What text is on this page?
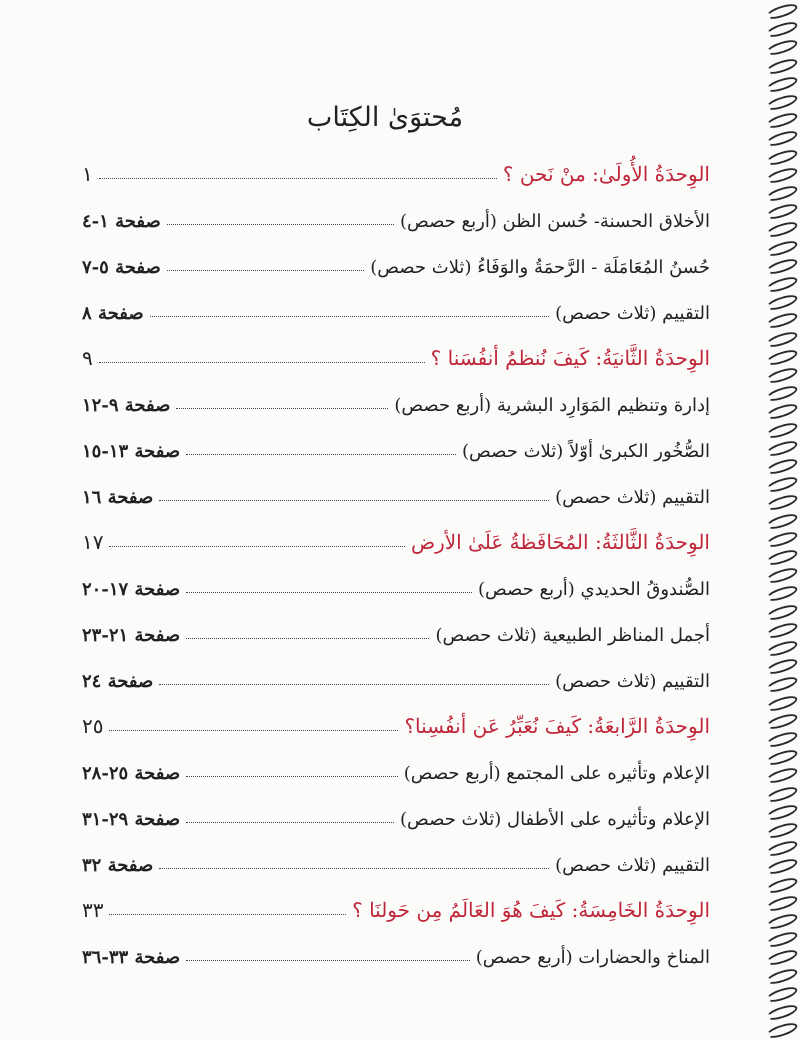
مُحتوَىٰ الكِتَاب
الوِحدَةُ الأُولَىٰ: منْ نَحن ؟
١
الأخلاق الحسنة- حُسن الظن (أربع حصص)
صفحة ١-٤
حُسنُ المُعَامَلَة - الرَّحمَةُ والوَفَاءُ (ثلاث حصص)
صفحة ٥-٧
التقييم (ثلاث حصص)
صفحة ٨
الوِحدَةُ الثَّانيَةُ: كَيفَ نُنظمُ أنفُسَنا ؟
٩
إدارة وتنظيم المَوَارِد البشرية (أربع حصص)
صفحة ٩-١٢
الصُّخُور الكبرىٰ أوّلاً (ثلاث حصص)
صفحة ١٣-١٥
التقييم (ثلاث حصص)
صفحة ١٦
الوِحدَةُ الثَّالثَةُ: المُحَافَظةُ عَلَىٰ الأرض
١٧
الصُّندوقُ الحديدي (أربع حصص)
صفحة ١٧-٢٠
أجمل المناظر الطبيعية (ثلاث حصص)
صفحة ٢١-٢٣
التقييم (ثلاث حصص)
صفحة ٢٤
الوِحدَةُ الرَّابعَةُ: كَيفَ نُعَبِّرُ عَن أنفُسِنا؟
٢٥
الإعلام وتأثيره على المجتمع (أربع حصص)
صفحة ٢٥-٢٨
الإعلام وتأثيره على الأطفال (ثلاث حصص)
صفحة ٢٩-٣١
التقييم (ثلاث حصص)
صفحة ٣٢
الوِحدَةُ الخَامِسَةُ: كَيفَ هُوَ العَالَمُ مِن حَولنَا ؟
٣٣
المناخ والحضارات (أربع حصص)
صفحة ٣٣-٣٦
